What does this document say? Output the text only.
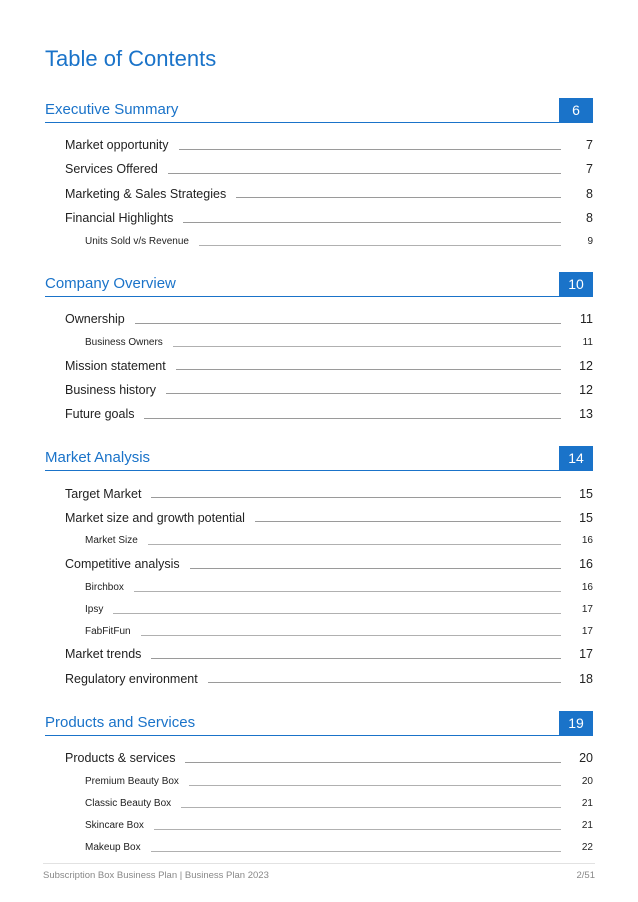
Table of Contents
Executive Summary	6
Market opportunity	7
Services Offered	7
Marketing & Sales Strategies	8
Financial Highlights	8
Units Sold v/s Revenue	9
Company Overview	10
Ownership	11
Business Owners	11
Mission statement	12
Business history	12
Future goals	13
Market Analysis	14
Target Market	15
Market size and growth potential	15
Market Size	16
Competitive analysis	16
Birchbox	16
Ipsy	17
FabFitFun	17
Market trends	17
Regulatory environment	18
Products and Services	19
Products & services	20
Premium Beauty Box	20
Classic Beauty Box	21
Skincare Box	21
Makeup Box	22
Subscription Box Business Plan | Business Plan 2023	2/51
